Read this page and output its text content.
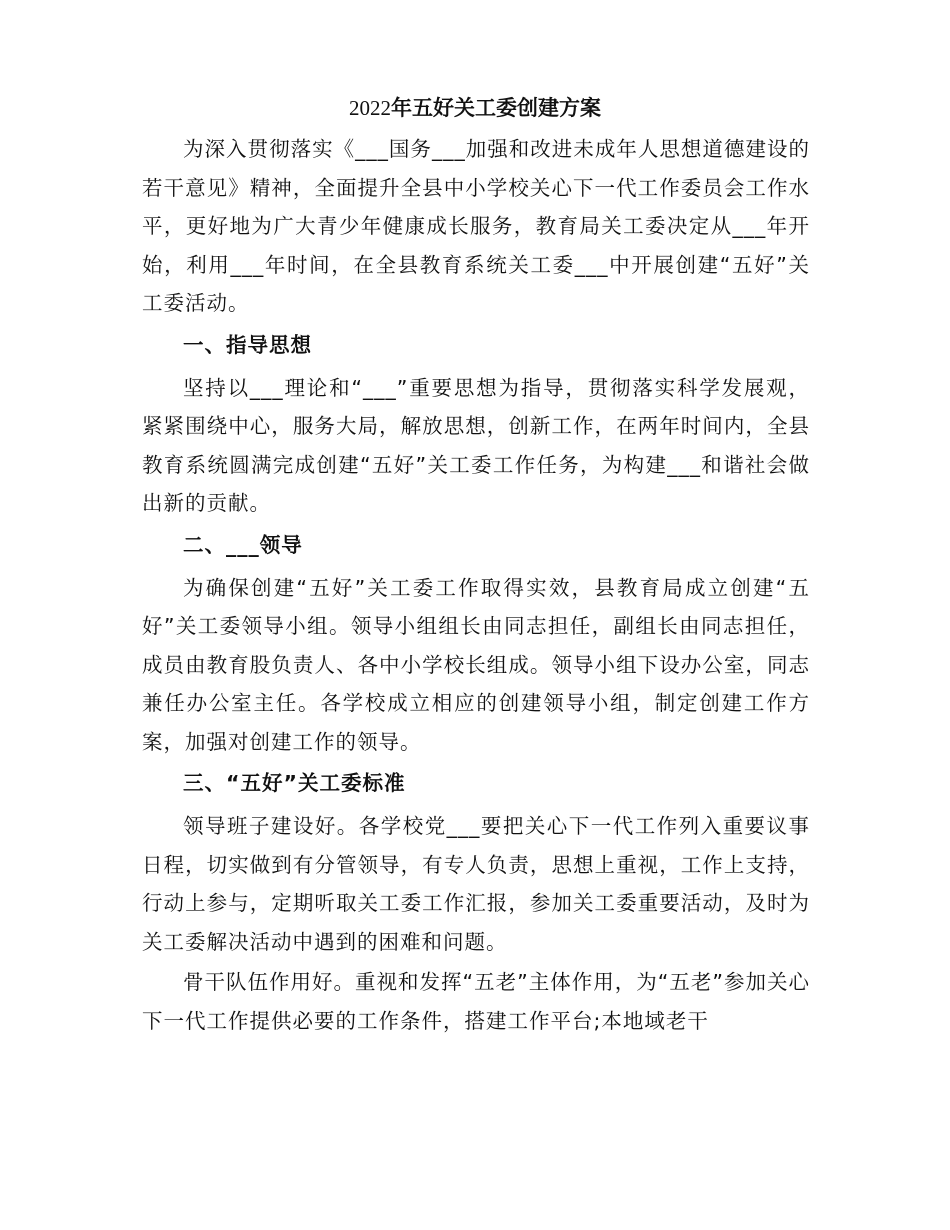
2022年五好关工委创建方案

为深入贯彻落实《___国务___加强和改进未成年人思想道德建设的若干意见》精神，全面提升全县中小学校关心下一代工作委员会工作水平，更好地为广大青少年健康成长服务，教育局关工委决定从___年开始，利用___年时间，在全县教育系统关工委___中开展创建“五好”关工委活动。

一、指导思想

坚持以___理论和“___”重要思想为指导，贯彻落实科学发展观，紧紧围绕中心，服务大局，解放思想，创新工作，在两年时间内，全县教育系统圆满完成创建“五好”关工委工作任务，为构建___和谐社会做出新的贡献。

二、___领导

为确保创建“五好”关工委工作取得实效，县教育局成立创建“五好”关工委领导小组。领导小组组长由同志担任，副组长由同志担任，成员由教育股负责人、各中小学校长组成。领导小组下设办公室，同志兼任办公室主任。各学校成立相应的创建领导小组，制定创建工作方案，加强对创建工作的领导。

三、“五好”关工委标准

领导班子建设好。各学校党___要把关心下一代工作列入重要议事日程，切实做到有分管领导，有专人负责，思想上重视，工作上支持，行动上参与，定期听取关工委工作汇报，参加关工委重要活动，及时为关工委解决活动中遇到的困难和问题。

骨干队伍作用好。重视和发挥“五老”主体作用，为“五老”参加关心下一代工作提供必要的工作条件，搭建工作平台;本地域老干
